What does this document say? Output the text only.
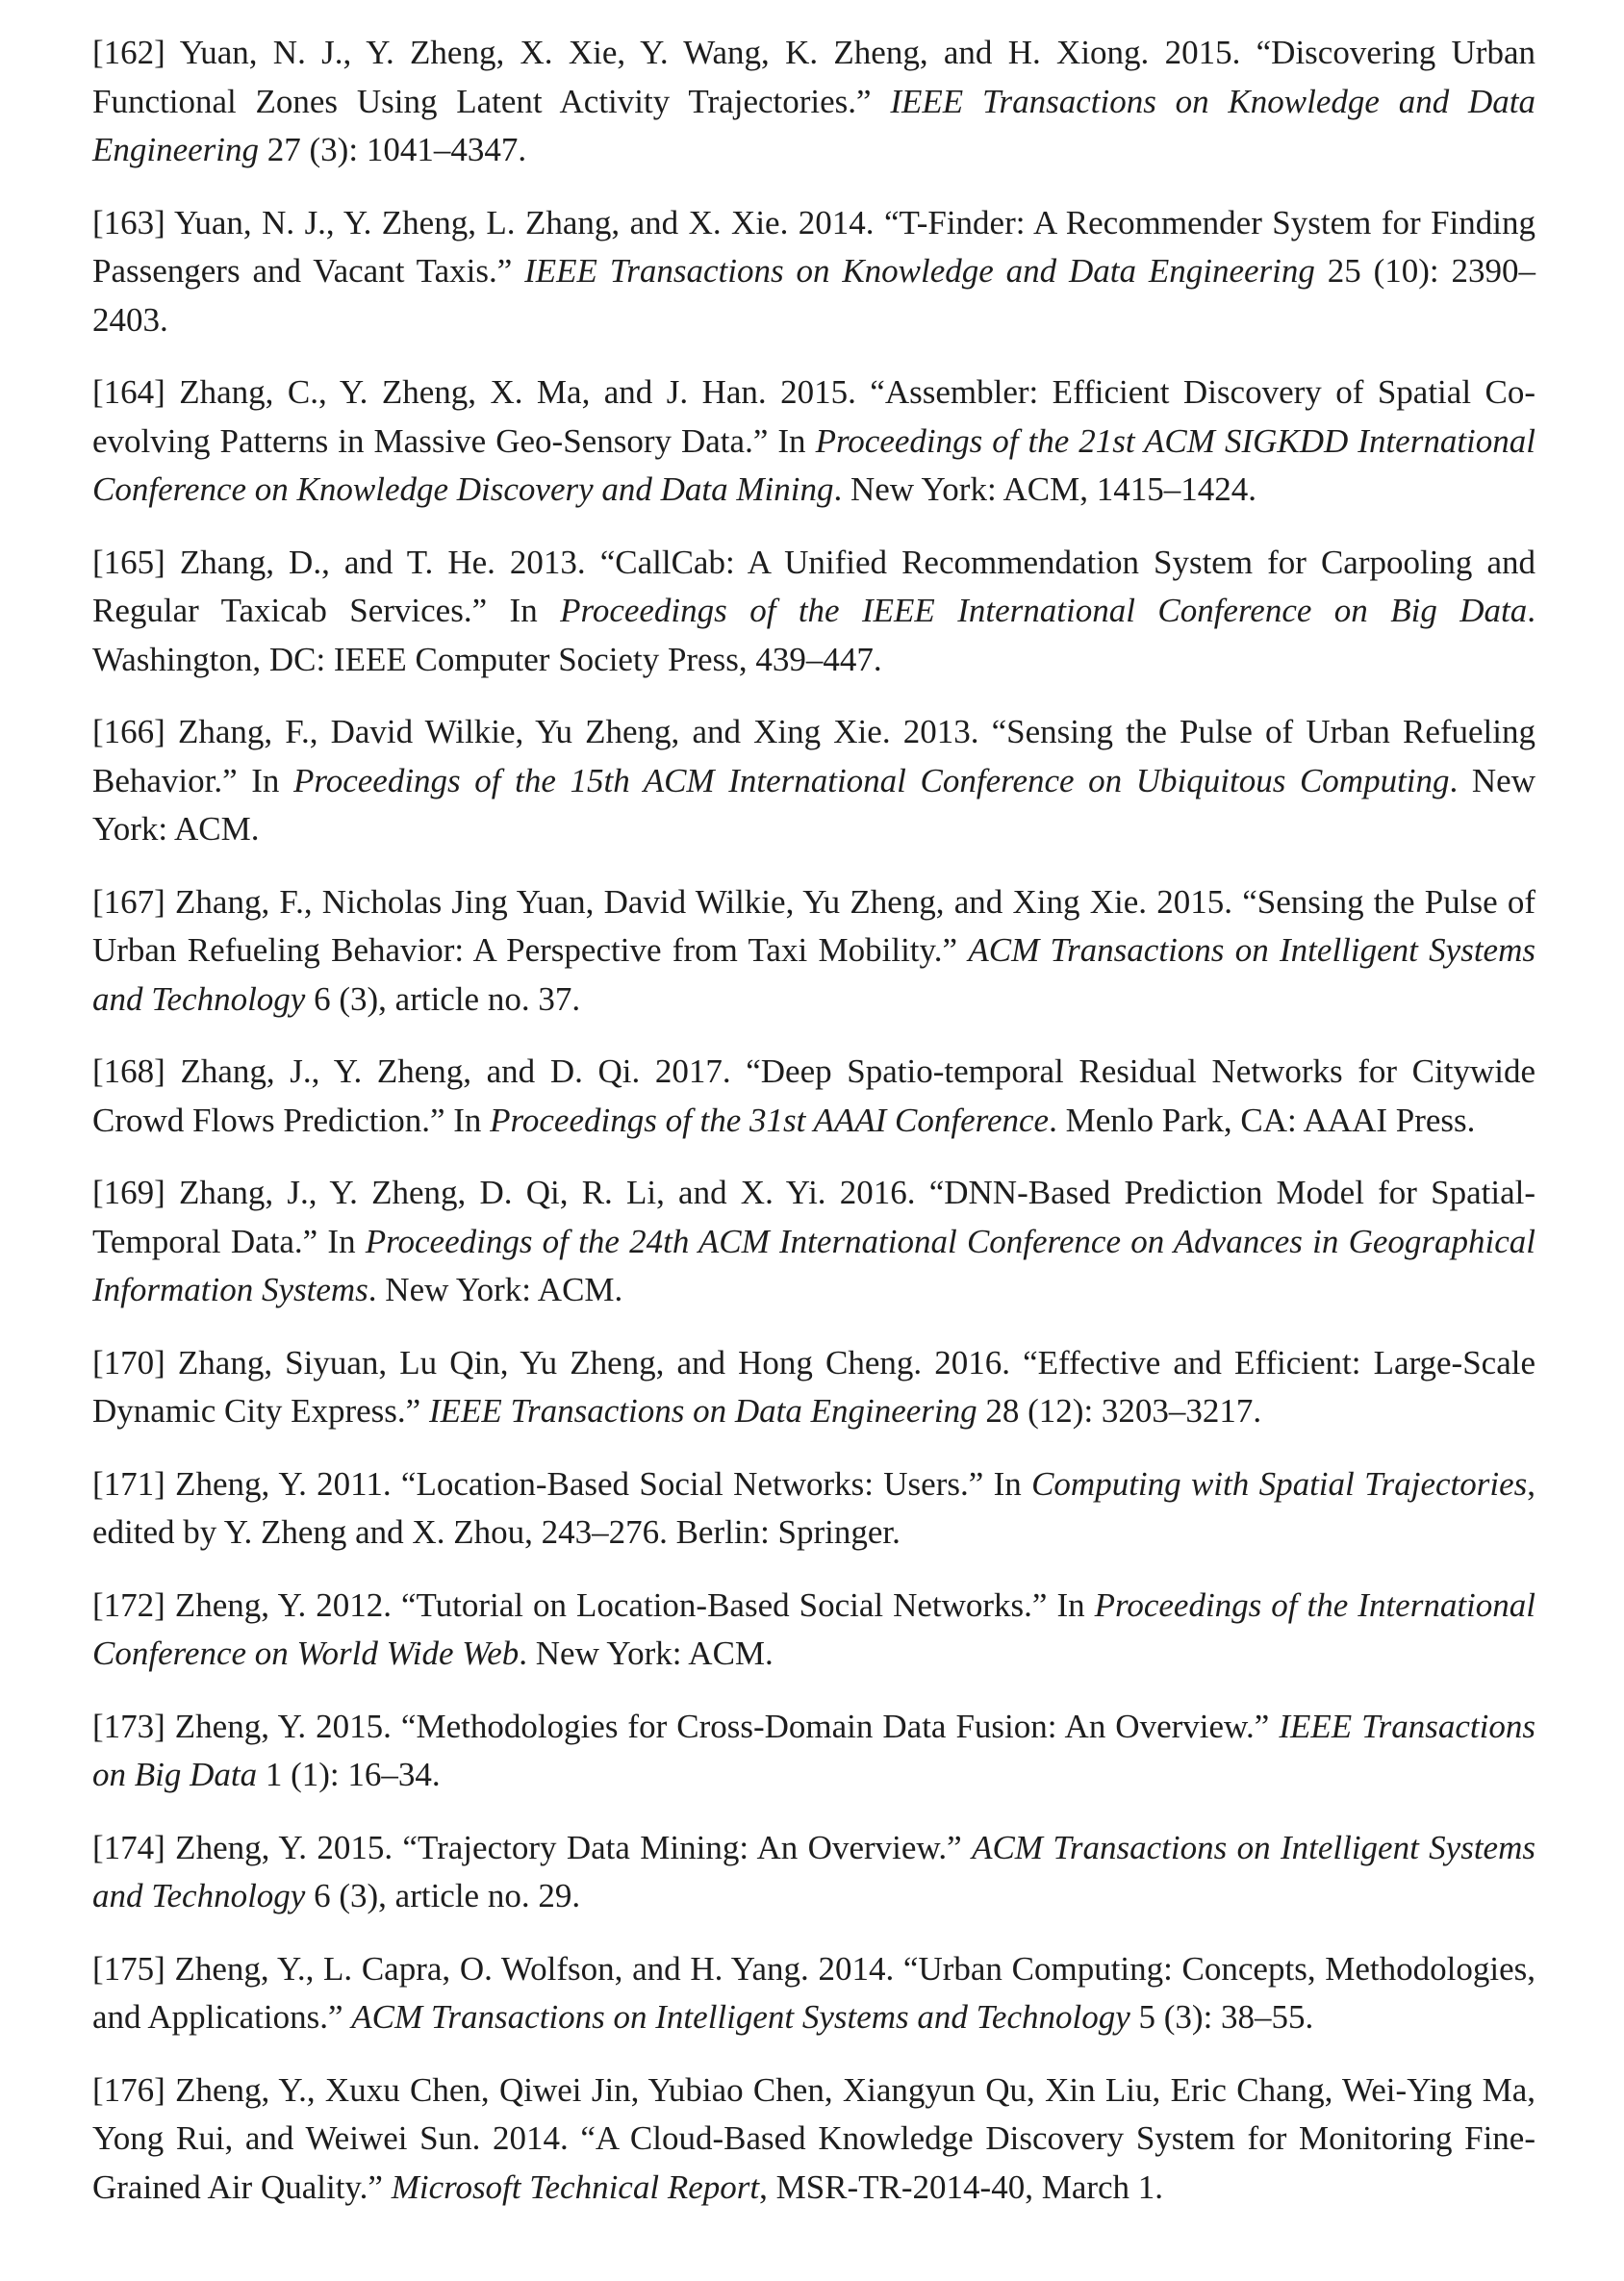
[162] Yuan, N. J., Y. Zheng, X. Xie, Y. Wang, K. Zheng, and H. Xiong. 2015. “Discovering Urban Functional Zones Using Latent Activity Trajectories.” IEEE Transactions on Knowledge and Data Engineering 27 (3): 1041–4347.

[163] Yuan, N. J., Y. Zheng, L. Zhang, and X. Xie. 2014. “T-Finder: A Recommender System for Finding Passengers and Vacant Taxis.” IEEE Transactions on Knowledge and Data Engineering 25 (10): 2390–2403.

[164] Zhang, C., Y. Zheng, X. Ma, and J. Han. 2015. “Assembler: Efficient Discovery of Spatial Co-evolving Patterns in Massive Geo-Sensory Data.” In Proceedings of the 21st ACM SIGKDD International Conference on Knowledge Discovery and Data Mining. New York: ACM, 1415–1424.

[165] Zhang, D., and T. He. 2013. “CallCab: A Unified Recommendation System for Carpooling and Regular Taxicab Services.” In Proceedings of the IEEE International Conference on Big Data. Washington, DC: IEEE Computer Society Press, 439–447.

[166] Zhang, F., David Wilkie, Yu Zheng, and Xing Xie. 2013. “Sensing the Pulse of Urban Refueling Behavior.” In Proceedings of the 15th ACM International Conference on Ubiquitous Computing. New York: ACM.

[167] Zhang, F., Nicholas Jing Yuan, David Wilkie, Yu Zheng, and Xing Xie. 2015. “Sensing the Pulse of Urban Refueling Behavior: A Perspective from Taxi Mobility.” ACM Transactions on Intelligent Systems and Technology 6 (3), article no. 37.

[168] Zhang, J., Y. Zheng, and D. Qi. 2017. “Deep Spatio-temporal Residual Networks for Citywide Crowd Flows Prediction.” In Proceedings of the 31st AAAI Conference. Menlo Park, CA: AAAI Press.

[169] Zhang, J., Y. Zheng, D. Qi, R. Li, and X. Yi. 2016. “DNN-Based Prediction Model for Spatial-Temporal Data.” In Proceedings of the 24th ACM International Conference on Advances in Geographical Information Systems. New York: ACM.

[170] Zhang, Siyuan, Lu Qin, Yu Zheng, and Hong Cheng. 2016. “Effective and Efficient: Large-Scale Dynamic City Express.” IEEE Transactions on Data Engineering 28 (12): 3203–3217.

[171] Zheng, Y. 2011. “Location-Based Social Networks: Users.” In Computing with Spatial Trajectories, edited by Y. Zheng and X. Zhou, 243–276. Berlin: Springer.

[172] Zheng, Y. 2012. “Tutorial on Location-Based Social Networks.” In Proceedings of the International Conference on World Wide Web. New York: ACM.

[173] Zheng, Y. 2015. “Methodologies for Cross-Domain Data Fusion: An Overview.” IEEE Transactions on Big Data 1 (1): 16–34.

[174] Zheng, Y. 2015. “Trajectory Data Mining: An Overview.” ACM Transactions on Intelligent Systems and Technology 6 (3), article no. 29.

[175] Zheng, Y., L. Capra, O. Wolfson, and H. Yang. 2014. “Urban Computing: Concepts, Methodologies, and Applications.” ACM Transactions on Intelligent Systems and Technology 5 (3): 38–55.

[176] Zheng, Y., Xuxu Chen, Qiwei Jin, Yubiao Chen, Xiangyun Qu, Xin Liu, Eric Chang, Wei-Ying Ma, Yong Rui, and Weiwei Sun. 2014. “A Cloud-Based Knowledge Discovery System for Monitoring Fine-Grained Air Quality.” Microsoft Technical Report, MSR-TR-2014-40, March 1.
